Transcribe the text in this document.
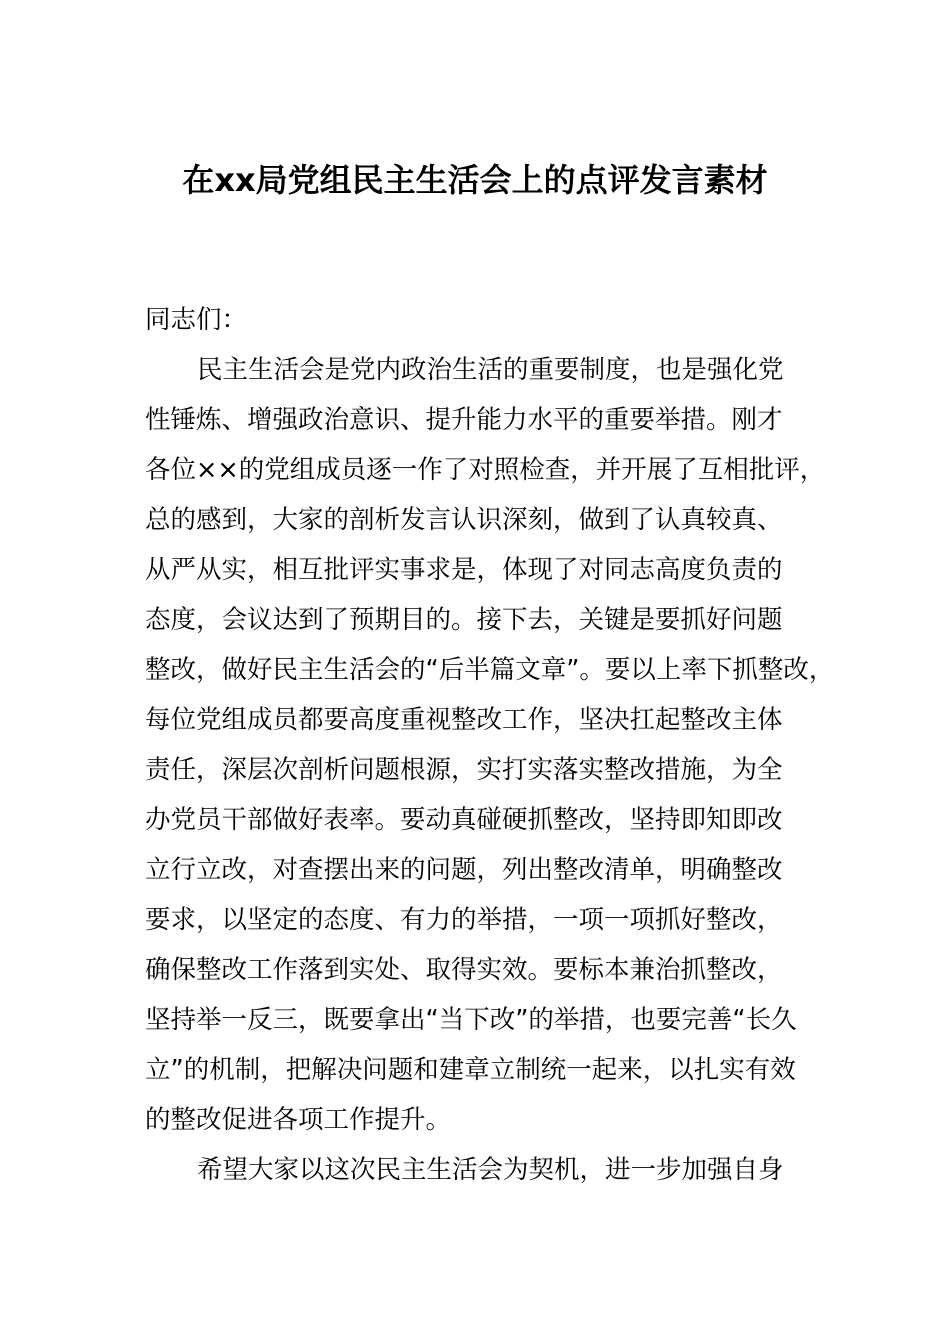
在xx局党组民主生活会上的点评发言素材

同志们：

民主生活会是党内政治生活的重要制度，也是强化党

性锤炼、增强政治意识、提升能力水平的重要举措。刚才

各位××的党组成员逐一作了对照检查，并开展了互相批评，

总的感到，大家的剖析发言认识深刻，做到了认真较真、

从严从实，相互批评实事求是，体现了对同志高度负责的

态度，会议达到了预期目的。接下去，关键是要抓好问题

整改，做好民主生活会的“后半篇文章”。要以上率下抓整改，

每位党组成员都要高度重视整改工作，坚决扛起整改主体

责任，深层次剖析问题根源，实打实落实整改措施，为全

办党员干部做好表率。要动真碰硬抓整改，坚持即知即改

立行立改，对查摆出来的问题，列出整改清单，明确整改

要求，以坚定的态度、有力的举措，一项一项抓好整改，

确保整改工作落到实处、取得实效。要标本兼治抓整改，

坚持举一反三，既要拿出“当下改”的举措，也要完善“长久

立”的机制，把解决问题和建章立制统一起来，以扎实有效

的整改促进各项工作提升。

希望大家以这次民主生活会为契机，进一步加强自身
